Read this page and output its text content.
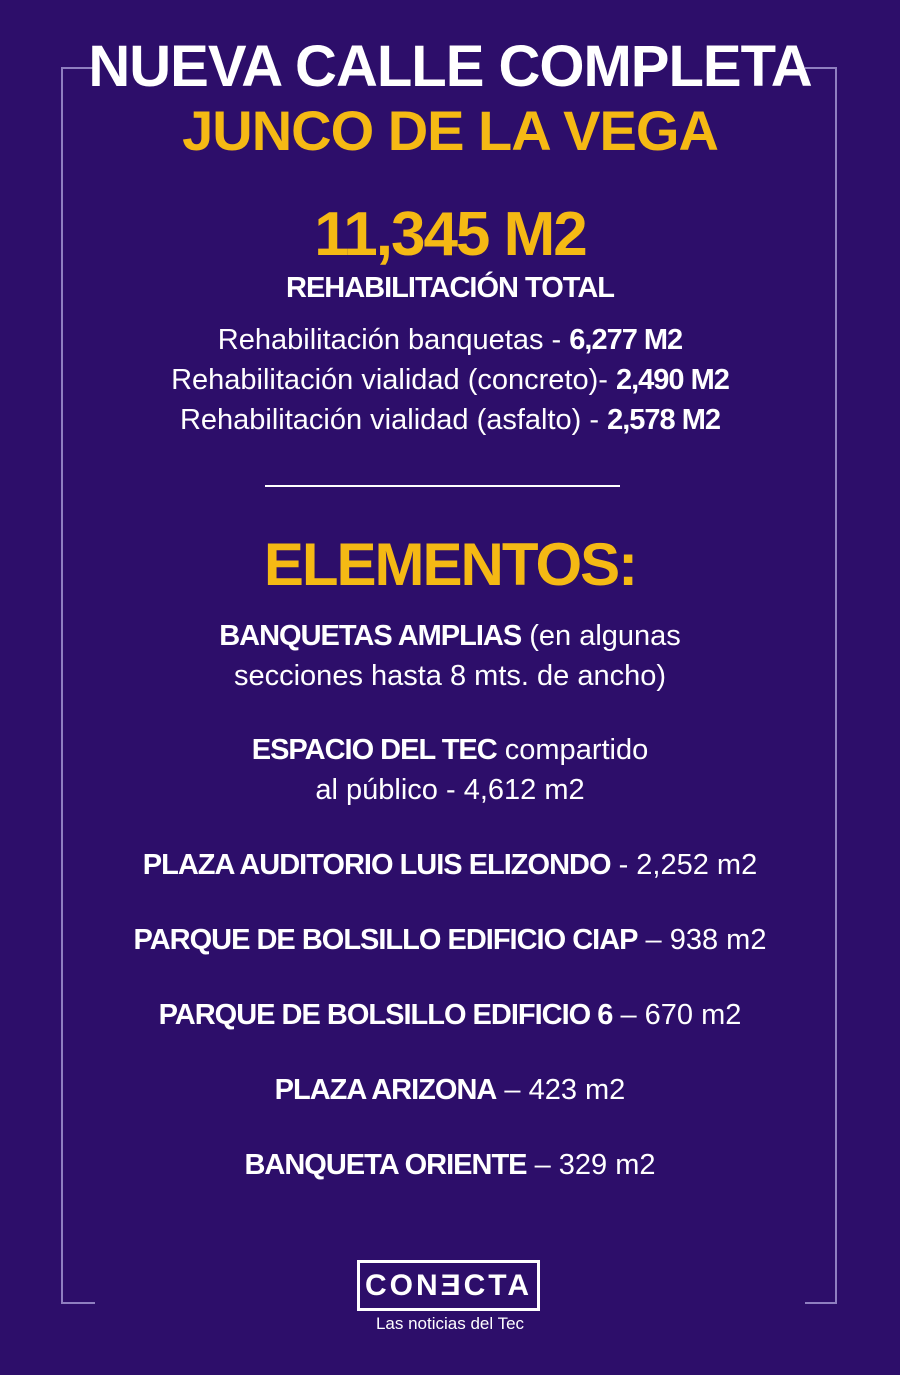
NUEVA CALLE COMPLETA
JUNCO DE LA VEGA
11,345 M2
REHABILITACIÓN TOTAL
Rehabilitación banquetas - 6,277 M2
Rehabilitación vialidad (concreto)- 2,490 M2
Rehabilitación vialidad (asfalto) - 2,578 M2
ELEMENTOS:
BANQUETAS AMPLIAS (en algunas
secciones hasta 8 mts. de ancho)
ESPACIO DEL TEC compartido
al público - 4,612 m2
PLAZA AUDITORIO LUIS ELIZONDO - 2,252 m2
PARQUE DE BOLSILLO EDIFICIO CIAP – 938 m2
PARQUE DE BOLSILLO EDIFICIO 6 – 670 m2
PLAZA ARIZONA – 423 m2
BANQUETA ORIENTE – 329 m2
CONƎCTA
Las noticias del Tec
